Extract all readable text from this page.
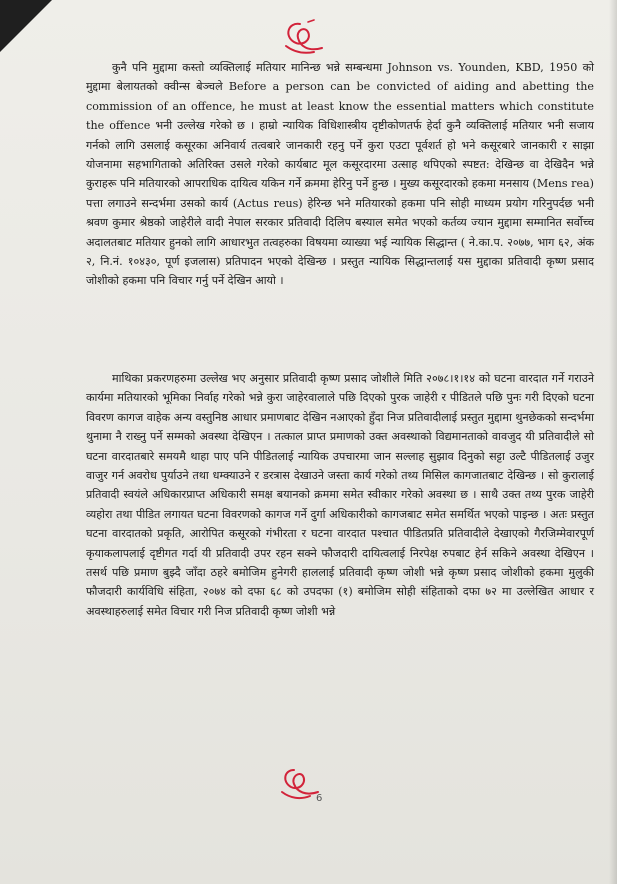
कुनै पनि मुद्दामा कस्तो व्यक्तिलाई मतियार मानिन्छ भन्ने सम्बन्धमा Johnson vs. Younden, KBD, 1950 को मुद्दामा बेलायतको क्वीन्स बेञ्चले Before a person can be convicted of aiding and abetting the commission of an offence, he must at least know the essential matters which constitute the offence भनी उल्लेख गरेको छ । हाम्रो न्यायिक विधिशास्त्रीय दृष्टीकोणतर्फ हेर्दा कुनै व्यक्तिलाई मतियार भनी सजाय गर्नको लागि उसलाई कसूरका अनिवार्य तत्वबारे जानकारी रहनु पर्ने कुरा एउटा पूर्वशर्त हो भने कसूरबारे जानकारी र साझा योजनामा सहभागिताको अतिरिक्त उसले गरेको कार्यबाट मूल कसूरदारमा उत्साह थपिएको स्पष्टत: देखिन्छ वा देखिदैन भन्ने कुराहरू पनि मतियारको आपराधिक दायित्व यकिन गर्ने क्रममा हेरिनु पर्ने हुन्छ । मुख्य कसूरदारको हकमा मनसाय (Mens rea) पत्ता लगाउने सन्दर्भमा उसको कार्य (Actus reus) हेरिन्छ भने मतियारको हकमा पनि सोही माध्यम प्रयोग गरिनुपर्दछ भनी श्रवण कुमार श्रेष्ठको जाहेरीले वादी नेपाल सरकार प्रतिवादी दिलिप बस्याल समेत भएको कर्तव्य ज्यान मुद्दामा सम्मानित सर्वोच्च अदालतबाट मतियार हुनको लागि आधारभुत तत्वहरुका विषयमा व्याख्या भई न्यायिक सिद्धान्त ( ने.का.प. २०७७, भाग ६२, अंक २, नि.नं. १०४३०, पूर्ण इजलास) प्रतिपादन भएको देखिन्छ । प्रस्तुत न्यायिक सिद्धान्तलाई यस मुद्दाका प्रतिवादी कृष्ण प्रसाद जोशीको हकमा पनि विचार गर्नु पर्ने देखिन आयो ।

माथिका प्रकरणहरुमा उल्लेख भए अनुसार प्रतिवादी कृष्ण प्रसाद जोशीले मिति २०७८।१।१४ को घटना वारदात गर्ने गराउने कार्यमा मतियारको भूमिका निर्वाह गरेको भन्ने कुरा जाहेरवालाले पछि दिएको पुरक जाहेरी र पीडितले पछि पुनः गरी दिएको घटना विवरण कागज वाहेक अन्य वस्तुनिष्ठ आधार प्रमाणबाट देखिन नआएको हुँदा निज प्रतिवादीलाई प्रस्तुत मुद्दामा थुनछेकको सन्दर्भमा थुनामा नै राख्नु पर्ने सम्मको अवस्था देखिएन । तत्काल प्राप्त प्रमाणको उक्त अवस्थाको विद्यमानताको वावजुद यी प्रतिवादीले सो घटना वारदातबारे समयमै थाहा पाए पनि पीडितलाई न्यायिक उपचारमा जान सल्लाह सुझाव दिनुको सट्टा उल्टै पीडितलाई उजुर वाजुर गर्न अवरोध पुर्याउने तथा धम्क्याउने र डरत्रास देखाउने जस्ता कार्य गरेको तथ्य मिसिल कागजातबाट देखिन्छ । सो कुरालाई प्रतिवादी स्वयंले अधिकारप्राप्त अधिकारी समक्ष बयानको क्रममा समेत स्वीकार गरेको अवस्था छ । साथै उक्त तथ्य पुरक जाहेरी व्यहोरा तथा पीडित लगायत घटना विवरणको कागज गर्ने दुर्गा अधिकारीको कागजबाट समेत समर्थित भएको पाइन्छ । अतः प्रस्तुत घटना वारदातको प्रकृति, आरोपित कसूरको गंभीरता र घटना वारदात पश्चात पीडितप्रति प्रतिवादीले देखाएको गैरजिम्मेवारपूर्ण कृयाकलापलाई दृष्टीगत गर्दा यी प्रतिवादी उपर रहन सक्ने फौजदारी दायित्वलाई निरपेक्ष रुपबाट हेर्न सकिने अवस्था देखिएन । तसर्थ पछि प्रमाण बुझ्दै जाँदा ठहरे बमोजिम हुनेगरी हाललाई प्रतिवादी कृष्ण जोशी भन्ने कृष्ण प्रसाद जोशीको हकमा मुलुकी फौजदारी कार्यविधि संहिता, २०७४ को दफा ६८ को उपदफा (१) बमोजिम सोही संहिताको दफा ७२ मा उल्लेखित आधार र अवस्थाहरुलाई समेत विचार गरी निज प्रतिवादी कृष्ण जोशी भन्ने

6
